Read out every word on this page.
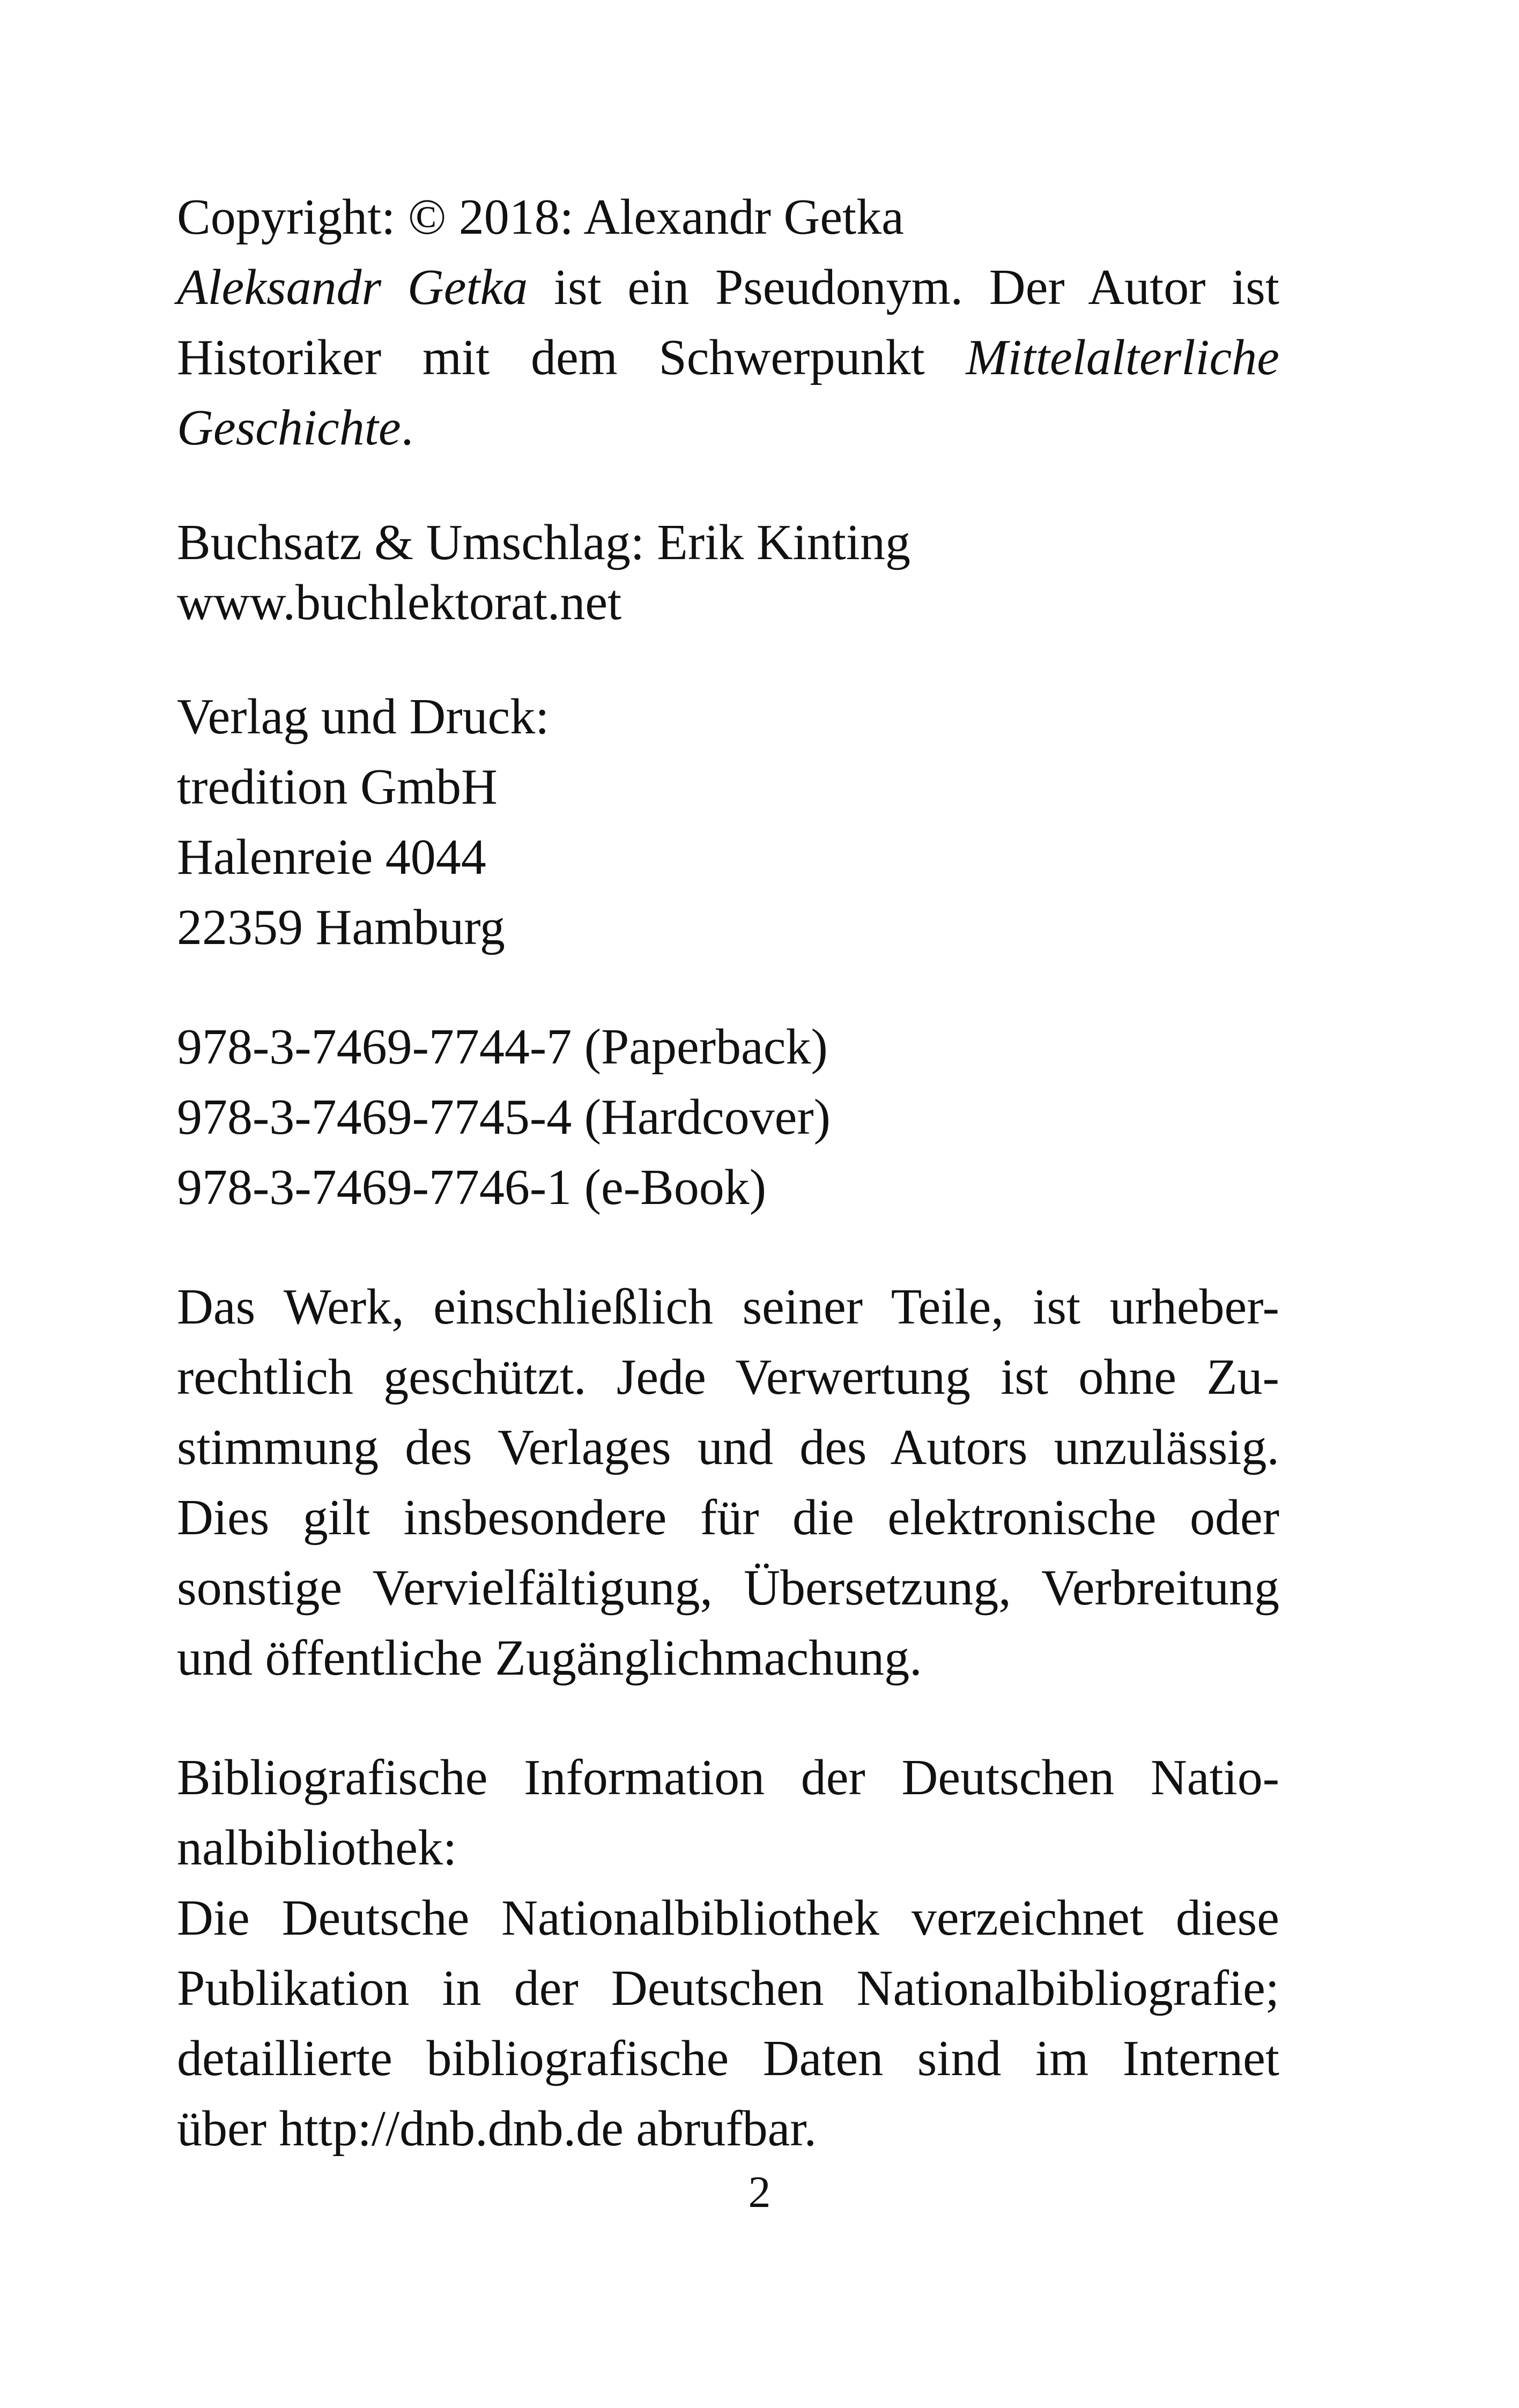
Copyright: © 2018: Alexandr Getka
Aleksandr Getka ist ein Pseudonym. Der Autor ist
Historiker mit dem Schwerpunkt Mittelalterliche
Geschichte.
Buchsatz & Umschlag: Erik Kinting
www.buchlektorat.net
Verlag und Druck:
tredition GmbH
Halenreie 4044
22359 Hamburg
978-3-7469-7744-7 (Paperback)
978-3-7469-7745-4 (Hardcover)
978-3-7469-7746-1 (e-Book)
Das Werk, einschließlich seiner Teile, ist urheber-
rechtlich geschützt. Jede Verwertung ist ohne Zu-
stimmung des Verlages und des Autors unzulässig.
Dies gilt insbesondere für die elektronische oder
sonstige Vervielfältigung, Übersetzung, Verbreitung
und öffentliche Zugänglichmachung.
Bibliografische Information der Deutschen Natio-
nalbibliothek:
Die Deutsche Nationalbibliothek verzeichnet diese
Publikation in der Deutschen Nationalbibliografie;
detaillierte bibliografische Daten sind im Internet
über http://dnb.dnb.de abrufbar.
2
